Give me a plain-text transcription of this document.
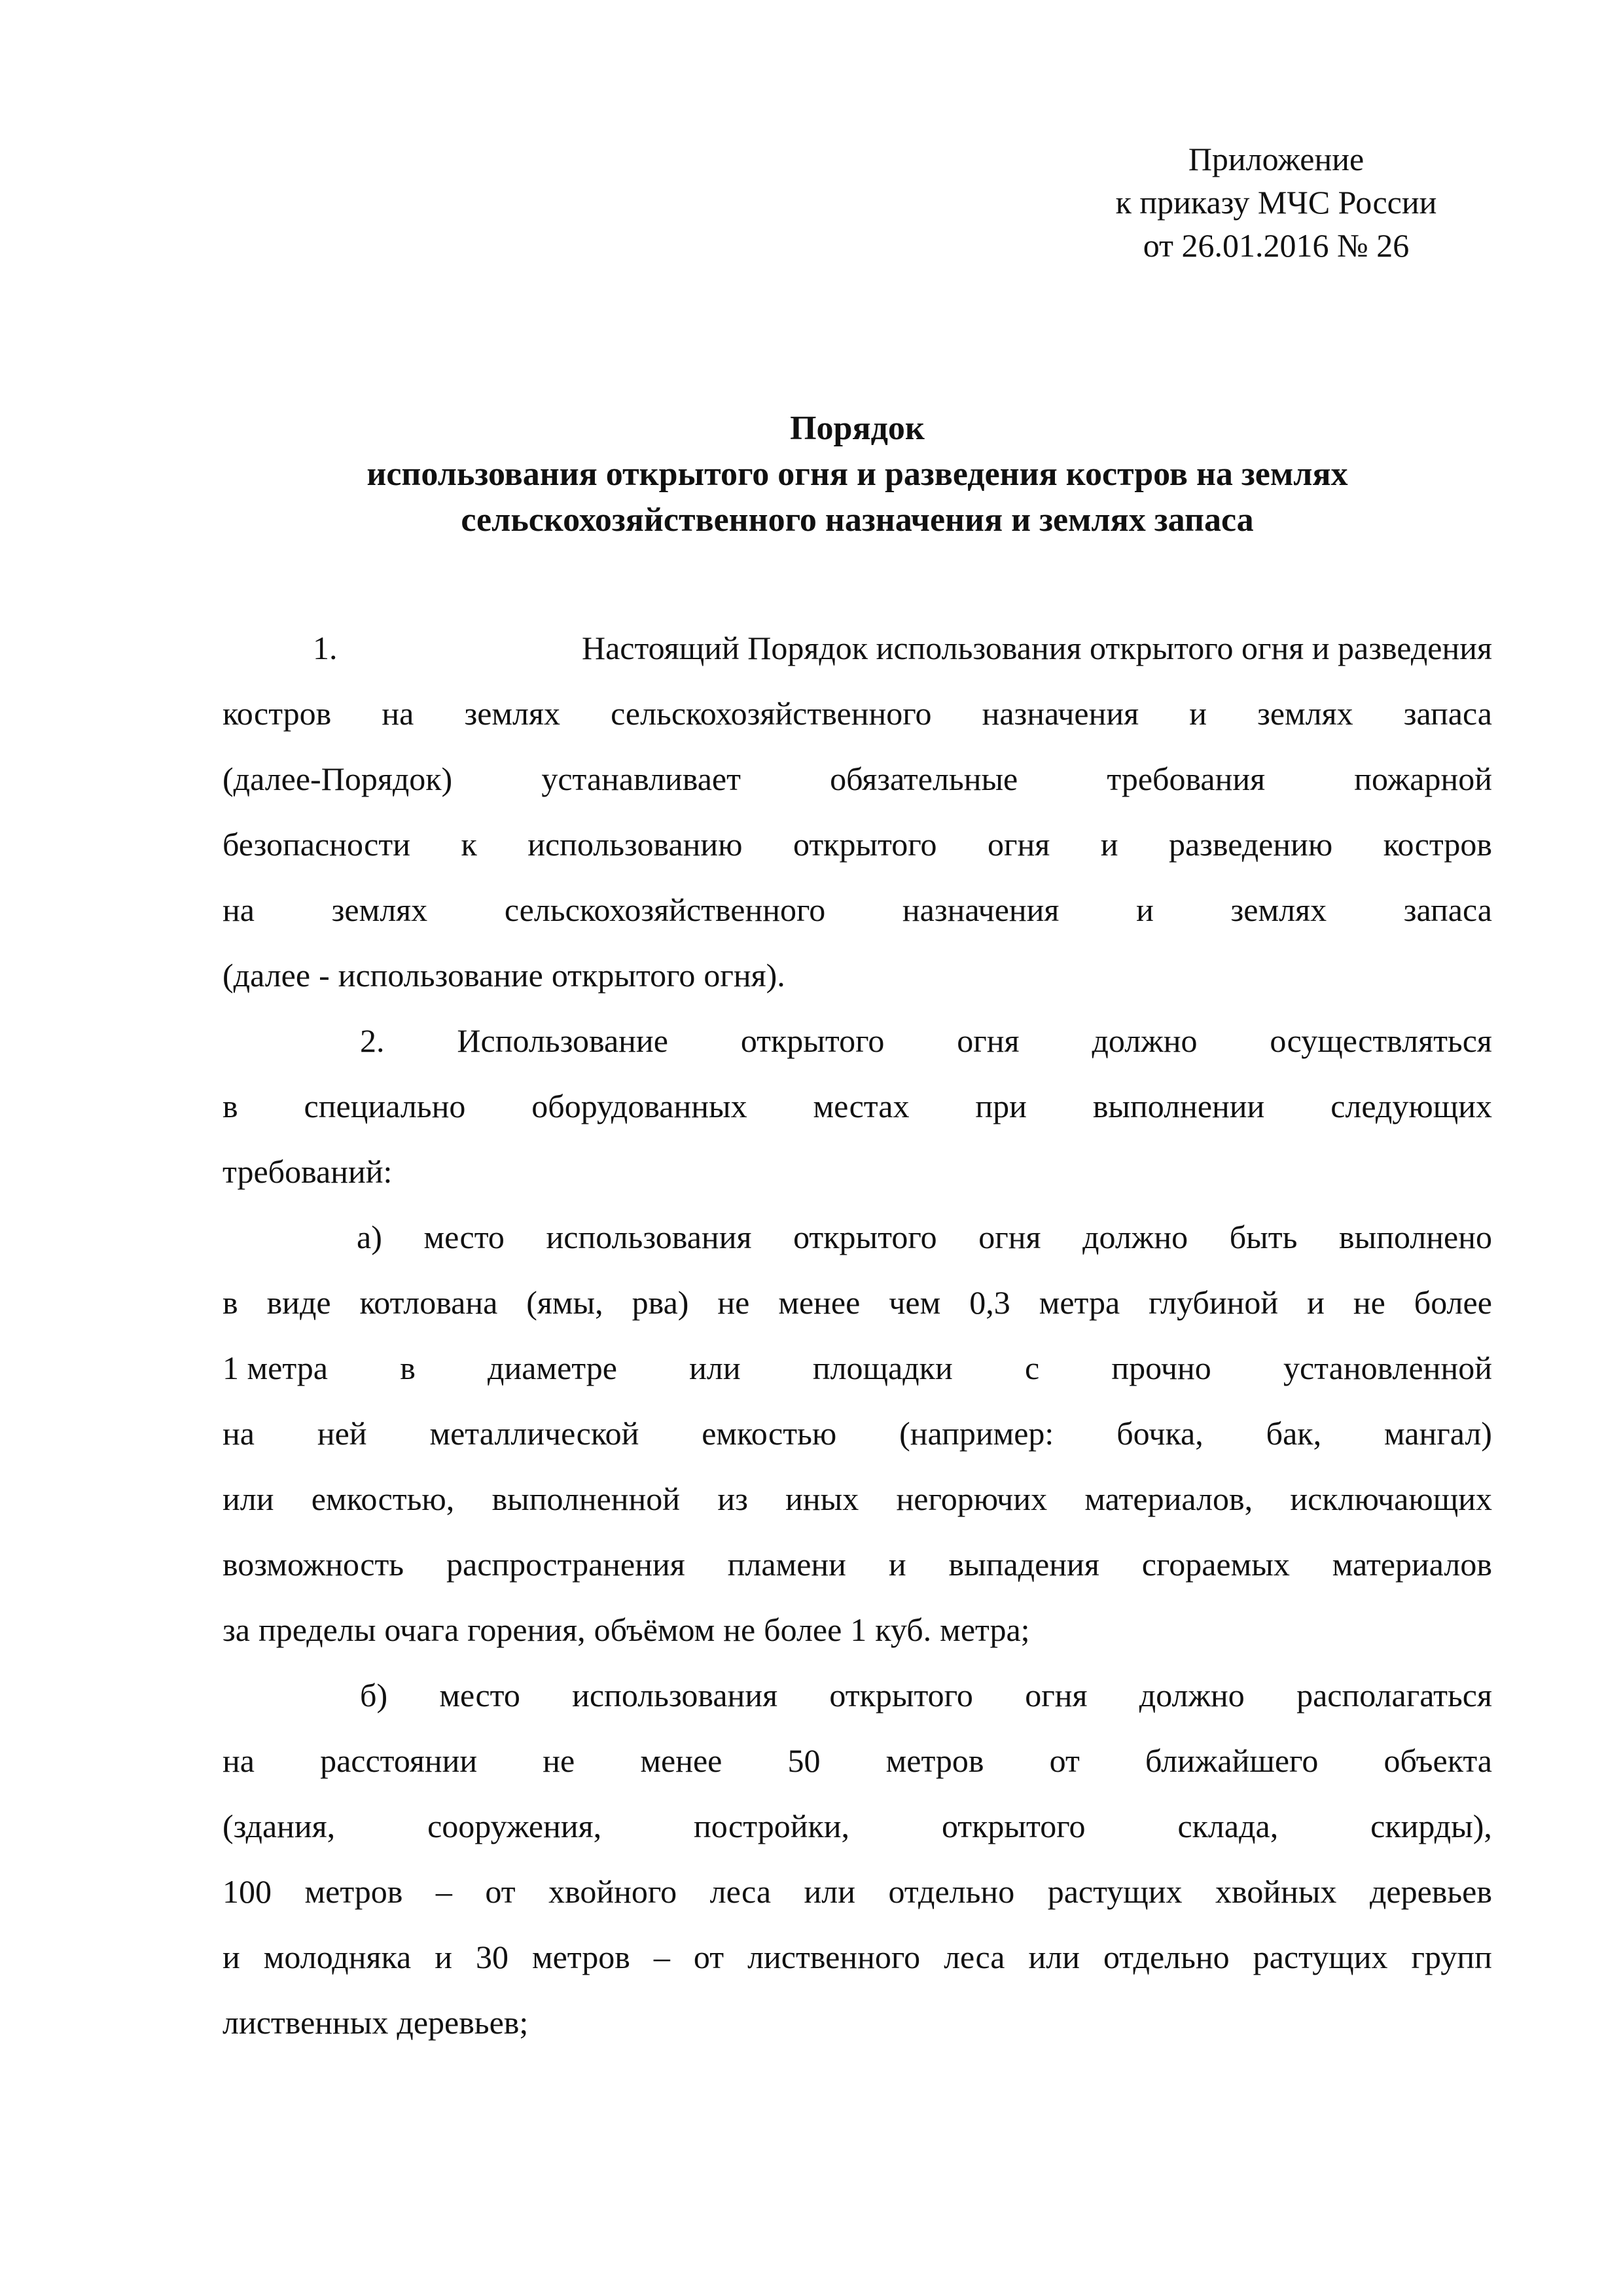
Приложение
к приказу МЧС России
от 26.01.2016 № 26
Порядок
использования открытого огня и разведения костров на землях
сельскохозяйственного назначения и землях запаса
1.	Настоящий Порядок использования открытого огня и разведения
костров на землях сельскохозяйственного назначения и землях запаса
(далее-Порядок)	устанавливает	обязательные	требования	пожарной
безопасности к использованию открытого огня и разведению костров
на землях сельскохозяйственного назначения и землях запаса
(далее - использование открытого огня).
2. Использование открытого огня должно осуществляться
в специально оборудованных местах при выполнении следующих
требований:
а) место использования открытого огня должно быть выполнено
в виде котлована (ямы, рва) не менее чем 0,3 метра глубиной и не более
1 метра в диаметре или площадки с прочно установленной
на ней металлической емкостью (например: бочка, бак, мангал)
или емкостью, выполненной из иных негорючих материалов, исключающих
возможность распространения пламени и выпадения сгораемых материалов
за пределы очага горения, объёмом не более 1 куб. метра;
б) место использования открытого огня должно располагаться
на расстоянии не менее 50 метров от ближайшего объекта
(здания,	сооружения,	постройки,	открытого	склада,	скирды),
100 метров – от хвойного леса или отдельно растущих хвойных деревьев
и молодняка и 30 метров – от лиственного леса или отдельно растущих групп
лиственных деревьев;
